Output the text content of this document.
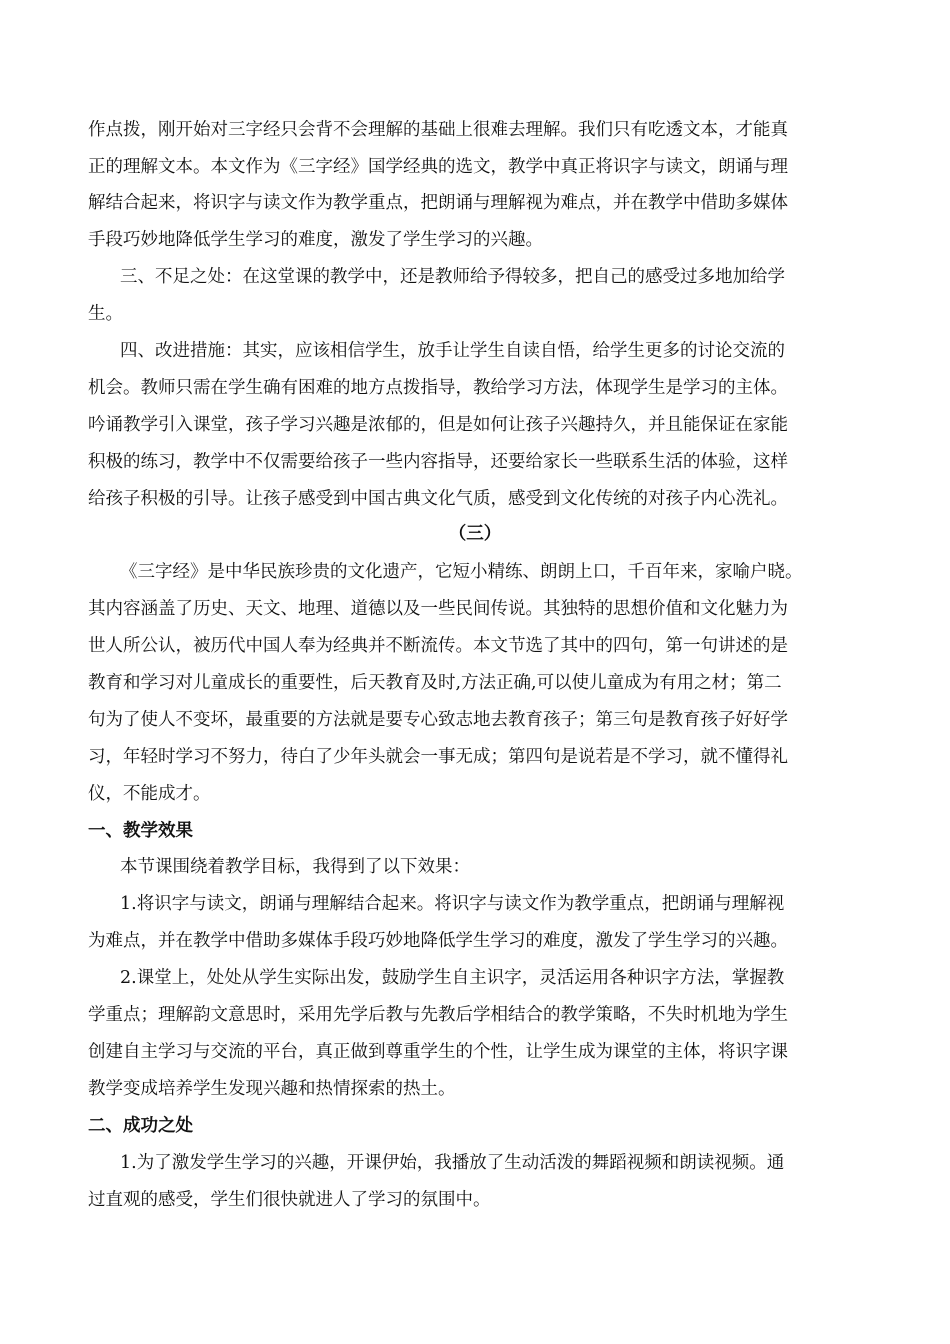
作点拨，刚开始对三字经只会背不会理解的基础上很难去理解。我们只有吃透文本，才能真
正的理解文本。本文作为《三字经》国学经典的选文，教学中真正将识字与读文，朗诵与理
解结合起来，将识字与读文作为教学重点，把朗诵与理解视为难点，并在教学中借助多媒体
手段巧妙地降低学生学习的难度，激发了学生学习的兴趣。
三、不足之处：在这堂课的教学中，还是教师给予得较多，把自己的感受过多地加给学
生。
四、改进措施：其实，应该相信学生，放手让学生自读自悟，给学生更多的讨论交流的
机会。教师只需在学生确有困难的地方点拨指导，教给学习方法，体现学生是学习的主体。
吟诵教学引入课堂，孩子学习兴趣是浓郁的，但是如何让孩子兴趣持久，并且能保证在家能
积极的练习，教学中不仅需要给孩子一些内容指导，还要给家长一些联系生活的体验，这样
给孩子积极的引导。让孩子感受到中国古典文化气质，感受到文化传统的对孩子内心洗礼。
（三）
《三字经》是中华民族珍贵的文化遗产，它短小精练、朗朗上口，千百年来，家喻户晓。
其内容涵盖了历史、天文、地理、道德以及一些民间传说。其独特的思想价值和文化魅力为
世人所公认，被历代中国人奉为经典并不断流传。本文节选了其中的四句，第一句讲述的是
教育和学习对儿童成长的重要性，后天教育及时,方法正确,可以使儿童成为有用之材；第二
句为了使人不变坏，最重要的方法就是要专心致志地去教育孩子；第三句是教育孩子好好学
习，年轻时学习不努力，待白了少年头就会一事无成；第四句是说若是不学习，就不懂得礼
仪，不能成才。
一、教学效果
本节课围绕着教学目标，我得到了以下效果：
1.将识字与读文，朗诵与理解结合起来。将识字与读文作为教学重点，把朗诵与理解视
为难点，并在教学中借助多媒体手段巧妙地降低学生学习的难度，激发了学生学习的兴趣。
2.课堂上，处处从学生实际出发，鼓励学生自主识字，灵活运用各种识字方法，掌握教
学重点；理解韵文意思时，采用先学后教与先教后学相结合的教学策略，不失时机地为学生
创建自主学习与交流的平台，真正做到尊重学生的个性，让学生成为课堂的主体，将识字课
教学变成培养学生发现兴趣和热情探索的热土。
二、成功之处
1.为了激发学生学习的兴趣，开课伊始，我播放了生动活泼的舞蹈视频和朗读视频。通
过直观的感受，学生们很快就进人了学习的氛围中。
